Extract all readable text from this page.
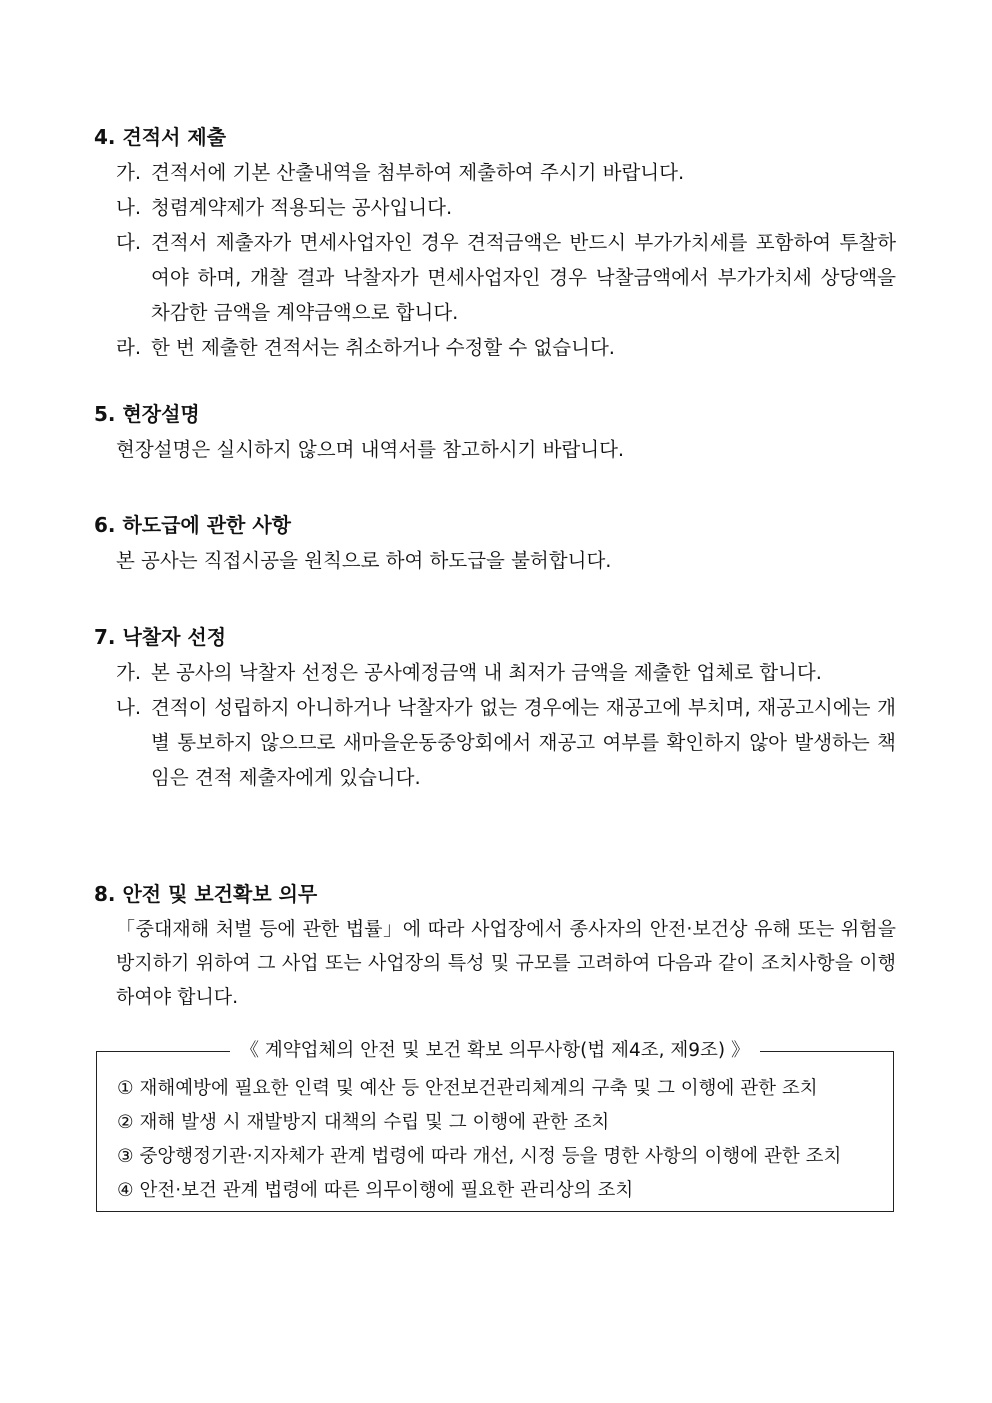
4. 견적서 제출
가. 견적서에 기본 산출내역을 첨부하여 제출하여 주시기 바랍니다.
나. 청렴계약제가 적용되는 공사입니다.
다. 견적서 제출자가 면세사업자인 경우 견적금액은 반드시 부가가치세를 포함하여 투찰하여야 하며, 개찰 결과 낙찰자가 면세사업자인 경우 낙찰금액에서 부가가치세 상당액을 차감한 금액을 계약금액으로 합니다.
라. 한 번 제출한 견적서는 취소하거나 수정할 수 없습니다.
5. 현장설명
현장설명은 실시하지 않으며 내역서를 참고하시기 바랍니다.
6. 하도급에 관한 사항
본 공사는 직접시공을 원칙으로 하여 하도급을 불허합니다.
7. 낙찰자 선정
가. 본 공사의 낙찰자 선정은 공사예정금액 내 최저가 금액을 제출한 업체로 합니다.
나. 견적이 성립하지 아니하거나 낙찰자가 없는 경우에는 재공고에 부치며, 재공고시에는 개별 통보하지 않으므로 새마을운동중앙회에서 재공고 여부를 확인하지 않아 발생하는 책임은 견적 제출자에게 있습니다.
8. 안전 및 보건확보 의무
「중대재해 처벌 등에 관한 법률」에 따라 사업장에서 종사자의 안전·보건상 유해 또는 위험을 방지하기 위하여 그 사업 또는 사업장의 특성 및 규모를 고려하여 다음과 같이 조치사항을 이행하여야 합니다.
《 계약업체의 안전 및 보건 확보 의무사항(법 제4조, 제9조) 》
① 재해예방에 필요한 인력 및 예산 등 안전보건관리체계의 구축 및 그 이행에 관한 조치
② 재해 발생 시 재발방지 대책의 수립 및 그 이행에 관한 조치
③ 중앙행정기관·지자체가 관계 법령에 따라 개선, 시정 등을 명한 사항의 이행에 관한 조치
④ 안전·보건 관계 법령에 따른 의무이행에 필요한 관리상의 조치
